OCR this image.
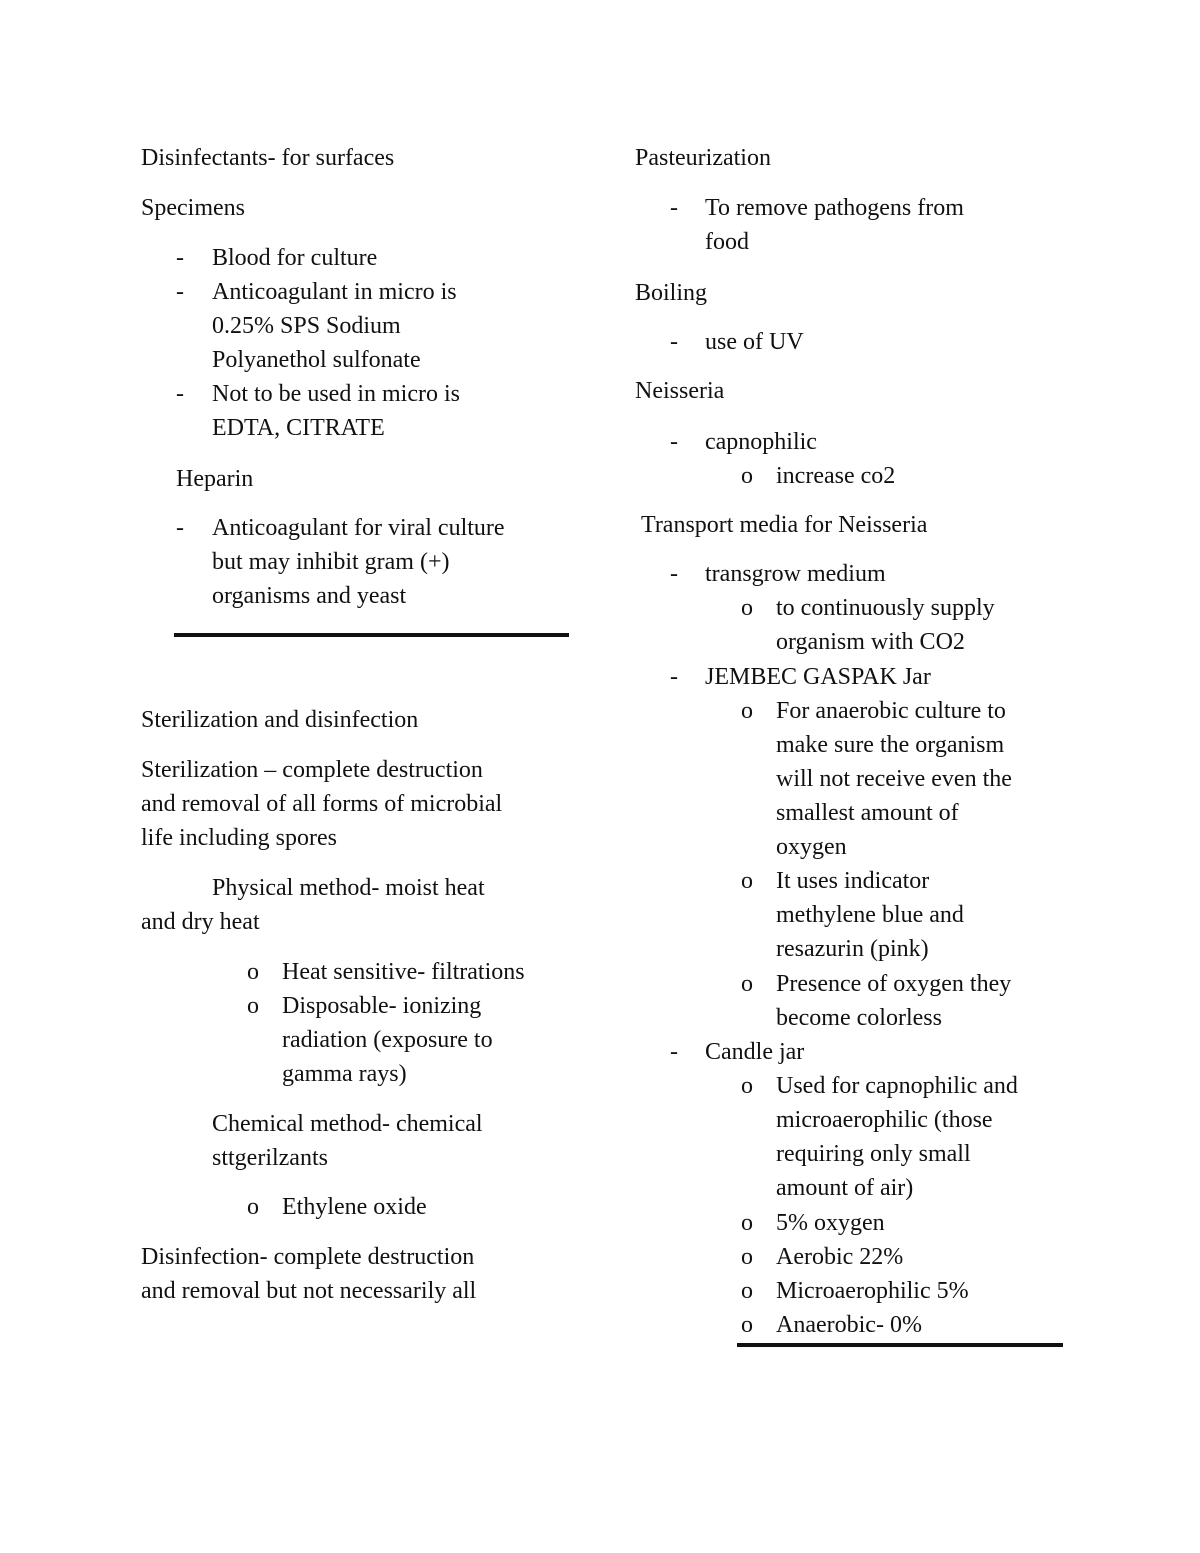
Disinfectants- for surfaces
Specimens
-	Blood for culture
-	Anticoagulant in micro is
0.25% SPS Sodium
Polyanethol sulfonate
-	Not to be used in micro is
EDTA, CITRATE
Heparin
-	Anticoagulant for viral culture
but may inhibit gram (+)
organisms and yeast
Sterilization and disinfection
Sterilization – complete destruction
and removal of all forms of microbial
life including spores
Physical method- moist heat
and dry heat
o Heat sensitive- filtrations
o Disposable- ionizing
radiation (exposure to
gamma rays)
Chemical method- chemical
sttgerilzants
o Ethylene oxide
Disinfection- complete destruction
and removal but not necessarily all
Pasteurization
-	To remove pathogens from
food
Boiling
-	use of UV
Neisseria
-	capnophilic
o increase co2
Transport media for Neisseria
-	transgrow medium
o to continuously supply
organism with CO2
-	JEMBEC GASPAK Jar
o For anaerobic culture to
make sure the organism
will not receive even the
smallest amount of
oxygen
o It uses indicator
methylene blue and
resazurin (pink)
o Presence of oxygen they
become colorless
-	Candle jar
o Used for capnophilic and
microaerophilic (those
requiring only small
amount of air)
o 5% oxygen
o Aerobic 22%
o Microaerophilic 5%
o Anaerobic- 0%
